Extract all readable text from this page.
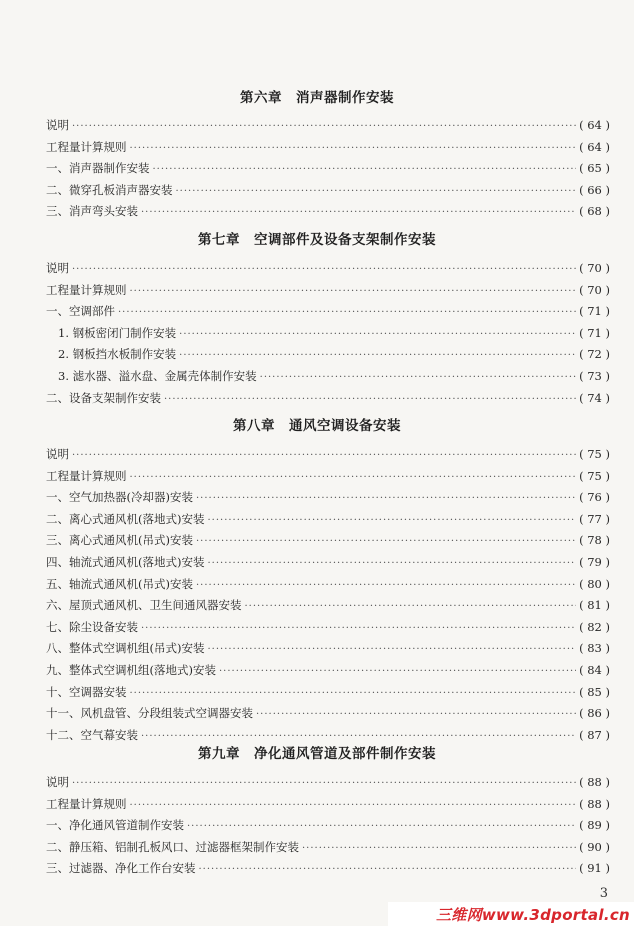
第六章　消声器制作安装
说明 ·····	( 64 )
工程量计算规则 ·····	( 64 )
一、消声器制作安装 ·····	( 65 )
二、微穿孔板消声器安装 ·····	( 66 )
三、消声弯头安装 ·····	( 68 )
第七章　空调部件及设备支架制作安装
说明 ·····	( 70 )
工程量计算规则 ·····	( 70 )
一、空调部件 ·····	( 71 )
1. 钢板密闭门制作安装 ·····	( 71 )
2. 钢板挡水板制作安装 ·····	( 72 )
3. 滤水器、溢水盘、金属壳体制作安装 ·····	( 73 )
二、设备支架制作安装 ·····	( 74 )
第八章　通风空调设备安装
说明 ·····	( 75 )
工程量计算规则 ·····	( 75 )
一、空气加热器(冷却器)安装 ·····	( 76 )
二、离心式通风机(落地式)安装 ·····	( 77 )
三、离心式通风机(吊式)安装 ·····	( 78 )
四、轴流式通风机(落地式)安装 ·····	( 79 )
五、轴流式通风机(吊式)安装 ·····	( 80 )
六、屋顶式通风机、卫生间通风器安装 ·····	( 81 )
七、除尘设备安装 ·····	( 82 )
八、整体式空调机组(吊式)安装 ·····	( 83 )
九、整体式空调机组(落地式)安装 ·····	( 84 )
十、空调器安装 ·····	( 85 )
十一、风机盘管、分段组装式空调器安装 ·····	( 86 )
十二、空气幕安装 ·····	( 87 )
第九章　净化通风管道及部件制作安装
说明 ·····	( 88 )
工程量计算规则 ·····	( 88 )
一、净化通风管道制作安装 ·····	( 89 )
二、静压箱、铝制孔板风口、过滤器框架制作安装 ·····	( 90 )
三、过滤器、净化工作台安装 ·····	( 91 )
3
三维网www.3dportal.cn
